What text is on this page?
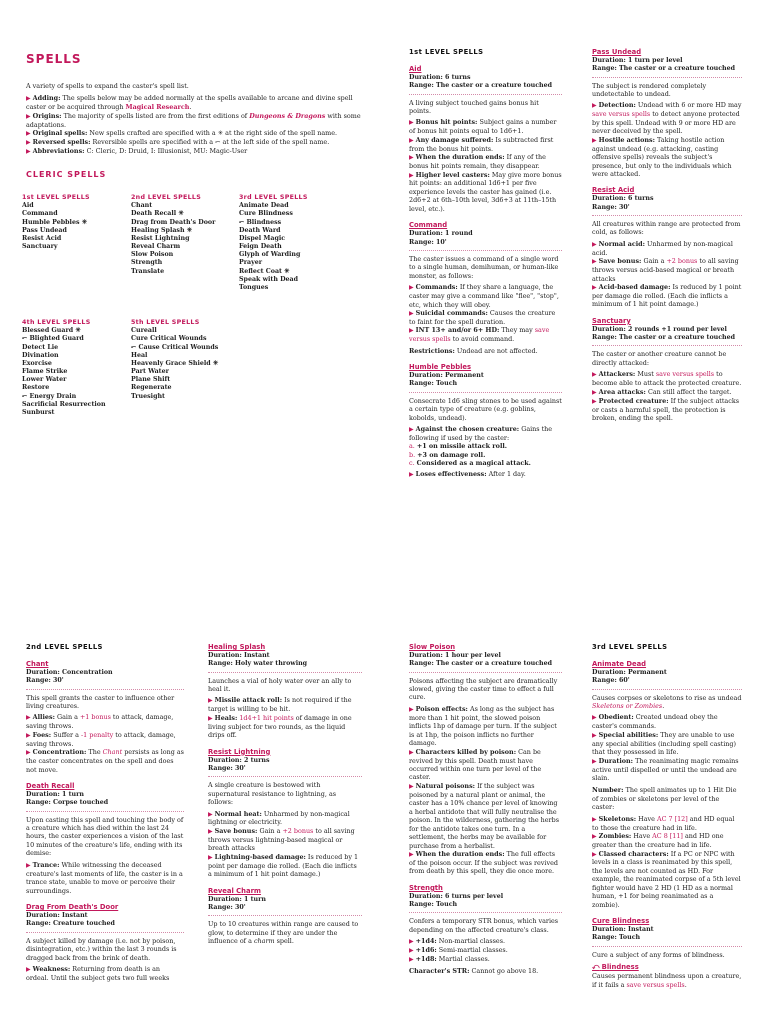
SPELLS

A variety of spells to expand the caster's spell list.

▶ Adding: The spells below may be added normally at the spells available to arcane and divine spell caster or be acquired through Magical Research.
▶ Origins: The majority of spells listed are from the first editions of Dungeons & Dragons with some adaptations.
▶ Original spells: New spells crafted are specified with a ✳ at the right side of the spell name.
▶ Reversed spells: Reversible spells are specified with a ⤺ at the left side of the spell name.
▶ Abbreviations: C: Cleric, D: Druid, I: Illusionist, MU: Magic-User
CLERIC SPELLS
1st LEVEL SPELLS
Aid
Command
Humble Pebbles ✳
Pass Undead
Resist Acid
Sanctuary
2nd LEVEL SPELLS
Chant
Death Recall ✳
Drag from Death's Door
Healing Splash ✳
Resist Lightning
Reveal Charm
Slow Poison
Strength
Translate
3rd LEVEL SPELLS
Animate Dead
Cure Blindness
⤺ Blindness
Death Ward
Dispel Magic
Feign Death
Glyph of Warding
Prayer
Reflect Coat ✳
Speak with Dead
Tongues
4th LEVEL SPELLS
Blessed Guard ✳
⤺ Blighted Guard
Detect Lie
Divination
Exorcise
Flame Strike
Lower Water
Restore
⤺ Energy Drain
Sacrificial Resurrection
Sunburst
5th LEVEL SPELLS
Cureall
Cure Critical Wounds
⤺ Cause Critical Wounds
Heal
Heavenly Grace Shield ✳
Part Water
Plane Shift
Regenerate
Truesight
1st LEVEL SPELLS
Aid
Duration: 6 turns
Range: The caster or a creature touched

A living subject touched gains bonus hit points.

▶ Bonus hit points: Subject gains a number of bonus hit points equal to 1d6+1.
▶ Any damage suffered: Is subtracted first from the bonus hit points.
▶ When the duration ends: If any of the bonus hit points remain, they disappear.
▶ Higher level casters: May give more bonus hit points: an additional 1d6+1 per five experience levels the caster has gained (i.e. 2d6+2 at 6th–10th level, 3d6+3 at 11th–15th level, etc.).
Command
Duration: 1 round
Range: 10'

The caster issues a command of a single word to a single human, demihuman, or human-like monster, as follows:

▶ Commands: If they share a language, the caster may give a command like "flee", "stop", etc, which they will obey.
▶ Suicidal commands: Causes the creature to faint for the spell duration.
▶ INT 13+ and/or 6+ HD: They may save versus spells to avoid command.
Restrictions: Undead are not affected.
Humble Pebbles
Duration: Permanent
Range: Touch

Consecrate 1d6 sling stones to be used against a certain type of creature (e.g. goblins, kobolds, undead).

▶ Against the chosen creature: Gains the following if used by the caster:
a. +1 on missile attack roll.
b. +3 on damage roll.
c. Considered as a magical attack.
▶ Loses effectiveness: After 1 day.
Pass Undead
Duration: 1 turn per level
Range: The caster or a creature touched

The subject is rendered completely undetectable to undead.

▶ Detection: Undead with 6 or more HD may save versus spells to detect anyone protected by this spell. Undead with 9 or more HD are never deceived by the spell.
▶ Hostile actions: Taking hostile action against undead (e.g. attacking, casting offensive spells) reveals the subject's presence, but only to the individuals which were attacked.
Resist Acid
Duration: 6 turns
Range: 30'

All creatures within range are protected from cold, as follows:

▶ Normal acid: Unharmed by non-magical acid.
▶ Save bonus: Gain a +2 bonus to all saving throws versus acid-based magical or breath attacks
▶ Acid-based damage: Is reduced by 1 point per damage die rolled. (Each die inflicts a minimum of 1 hit point damage.)
Sanctuary
Duration: 2 rounds +1 round per level
Range: The caster or a creature touched

The caster or another creature cannot be directly attacked:

▶ Attackers: Must save versus spells to become able to attack the protected creature.
▶ Area attacks: Can still affect the target.
▶ Protected creature: If the subject attacks or casts a harmful spell, the protection is broken, ending the spell.
2nd LEVEL SPELLS
Chant
Duration: Concentration
Range: 30'

This spell grants the caster to influence other living creatures.

▶ Allies: Gain a +1 bonus to attack, damage, saving throws.
▶ Foes: Suffer a -1 penalty to attack, damage, saving throws.
▶ Concentration: The Chant persists as long as the caster concentrates on the spell and does not move.
Death Recall
Duration: 1 turn
Range: Corpse touched

Upon casting this spell and touching the body of a creature which has died within the last 24 hours, the caster experiences a vision of the last 10 minutes of the creature's life, ending with its demise:

▶ Trance: While witnessing the deceased creature's last moments of life, the caster is in a trance state, unable to move or perceive their surroundings.
Drag From Death's Door
Duration: Instant
Range: Creature touched

A subject killed by damage (i.e. not by poison, disintegration, etc.) within the last 3 rounds is dragged back from the brink of death.

▶ Weakness: Returning from death is an ordeal. Until the subject gets two full weeks
Healing Splash
Duration: Instant
Range: Holy water throwing

Launches a vial of holy water over an ally to heal it.

▶ Missile attack roll: Is not required if the target is willing to be hit.
▶ Heals: 1d4+1 hit points of damage in one living subject for two rounds, as the liquid drips off.
Resist Lightning
Duration: 2 turns
Range: 30'

A single creature is bestowed with supernatural resistance to lightning, as follows:

▶ Normal heat: Unharmed by non-magical lightning or electricity.
▶ Save bonus: Gain a +2 bonus to all saving throws versus lightning-based magical or breath attacks
▶ Lightning-based damage: Is reduced by 1 point per damage die rolled. (Each die inflicts a minimum of 1 hit point damage.)
Reveal Charm
Duration: 1 turn
Range: 30'

Up to 10 creatures within range are caused to glow, to determine if they are under the influence of a charm spell.

Slow Poison
Duration: 1 hour per level
Range: The caster or a creature touched

Poisons affecting the subject are dramatically slowed, giving the caster time to effect a full cure.

▶ Poison effects: As long as the subject has more than 1 hit point, the slowed poison inflicts 1hp of damage per turn. If the subject is at 1hp, the poison inflicts no further damage.
▶ Characters killed by poison: Can be revived by this spell. Death must have occurred within one turn per level of the caster.
▶ Natural poisons: If the subject was poisoned by a natural plant or animal, the caster has a 10% chance per level of knowing a herbal antidote that will fully neutralise the poison. In the wilderness, gathering the herbs for the antidote takes one turn. In a settlement, the herbs may be available for purchase from a herbalist.
▶ When the duration ends: The full effects of the poison occur. If the subject was revived from death by this spell, they die once more.
Strength
Duration: 6 turns per level
Range: Touch

Confers a temporary STR bonus, which varies depending on the affected creature's class.

▶ +1d4: Non-martial classes.
▶ +1d6: Semi-martial classes.
▶ +1d8: Martial classes.
Character's STR: Cannot go above 18.
3rd LEVEL SPELLS
Animate Dead
Duration: Permanent
Range: 60'

Causes corpses or skeletons to rise as undead Skeletons or Zombies.

▶ Obedient: Created undead obey the caster's commands.
▶ Special abilities: They are unable to use any special abilities (including spell casting) that they possessed in life.
▶ Duration: The reanimating magic remains active until dispelled or until the undead are slain.

Number: The spell animates up to 1 Hit Die of zombies or skeletons per level of the caster:

▶ Skeletons: Have AC 7 [12] and HD equal to those the creature had in life.
▶ Zombies: Have AC 8 [11] and HD one greater than the creature had in life.
▶ Classed characters: If a PC or NPC with levels in a class is reanimated by this spell, the levels are not counted as HD. For example, the reanimated corpse of a 5th level fighter would have 2 HD (1 HD as a normal human, +1 for being reanimated as a zombie).
Cure Blindness
Duration: Instant
Range: Touch

Cure a subject of any forms of blindness.

⤺ Blindness

Causes permanent blindness upon a creature, if it fails a save versus spells.
